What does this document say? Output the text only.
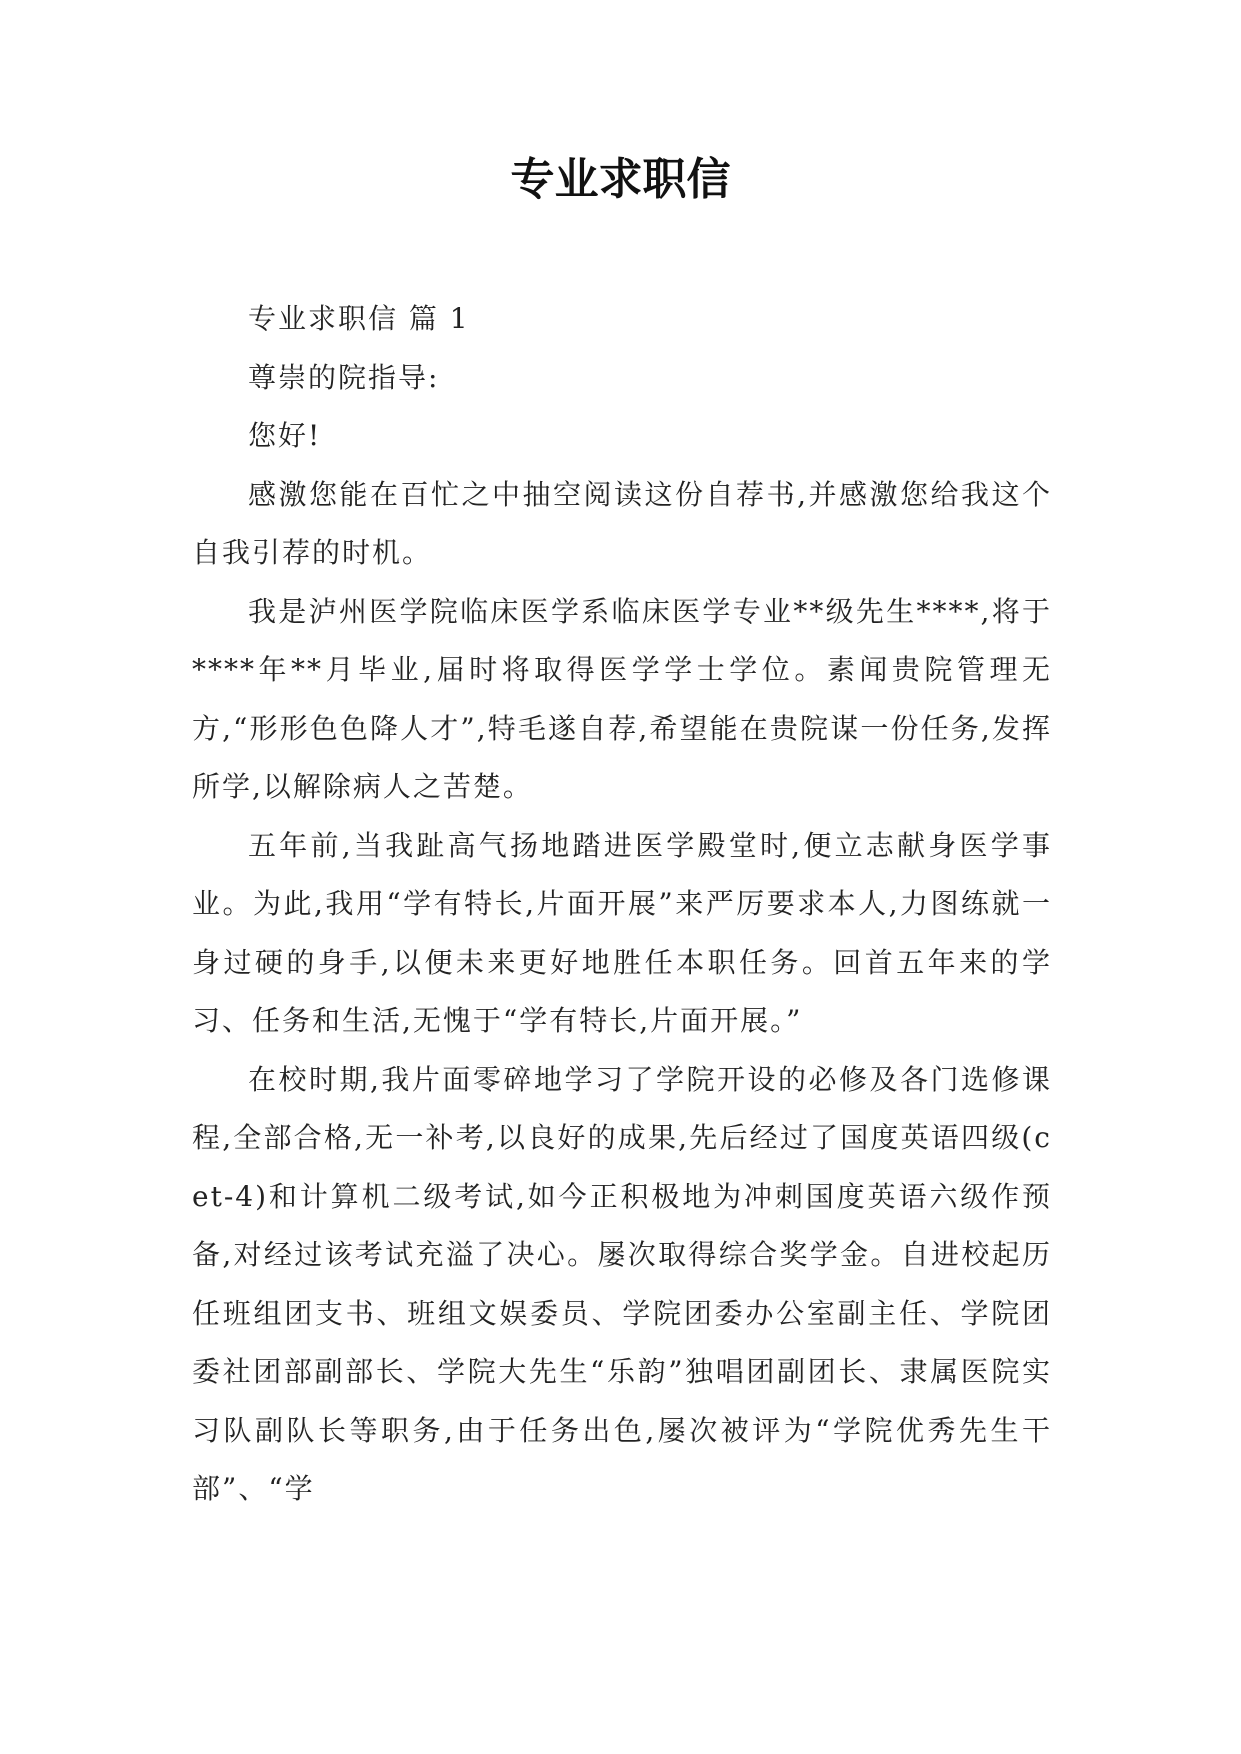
专业求职信

专业求职信 篇 1

尊崇的院指导:

您好!

感激您能在百忙之中抽空阅读这份自荐书,并感激您给我这个自我引荐的时机。

我是泸州医学院临床医学系临床医学专业**级先生****,将于****年**月毕业,届时将取得医学学士学位。素闻贵院管理无方,“形形色色降人才”,特毛遂自荐,希望能在贵院谋一份任务,发挥所学,以解除病人之苦楚。

五年前,当我趾高气扬地踏进医学殿堂时,便立志献身医学事业。为此,我用“学有特长,片面开展”来严厉要求本人,力图练就一身过硬的身手,以便未来更好地胜任本职任务。回首五年来的学习、任务和生活,无愧于“学有特长,片面开展。”

在校时期,我片面零碎地学习了学院开设的必修及各门选修课程,全部合格,无一补考,以良好的成果,先后经过了国度英语四级(cet-4)和计算机二级考试,如今正积极地为冲刺国度英语六级作预备,对经过该考试充溢了决心。屡次取得综合奖学金。自进校起历任班组团支书、班组文娱委员、学院团委办公室副主任、学院团委社团部副部长、学院大先生“乐韵”独唱团副团长、隶属医院实习队副队长等职务,由于任务出色,屡次被评为“学院优秀先生干部”、“学
